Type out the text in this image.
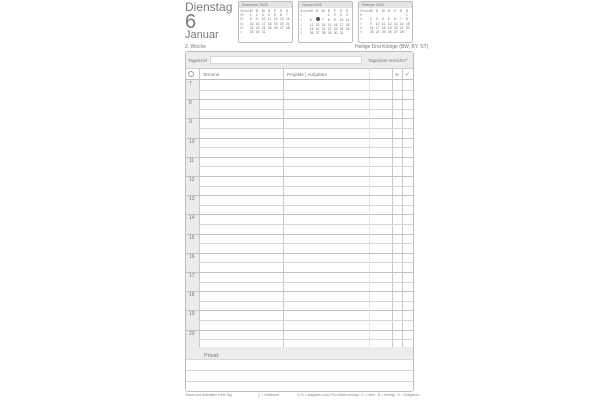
Dienstag
6
Januar
Dezember 2025
Woche	M	D	M	D	F	S	S
49	1	2	3	4	5	6	7
50	8	9	10	11	12	13	14
51	15	16	17	18	19	20	21
52	22	23	24	25	26	27	28
1	29	30	31				
Januar 2026
Woche	M	D	M	D	F	S	S
1				1	2	3	4
2	5		7	8	9	10	11
3	12	13	14	15	16	17	18
4	19	20	21	22	23	24	25
5	26	27	28	29	30	31	
Februar 2026
Woche	M	D	M	D	F	S	S
5							1
6	2	3	4	5	6	7	8
7	9	10	11	12	13	14	15
8	16	17	18	19	20	21	22
9	23	24	25	26	27	28	
2. Woche	Heilige Drei Könige (BW, BY, ST)
Tagesziel	Tagesziel erreicht?
✓
Termine	Projekte | Aufgaben	% ✓
7
8
9
10
11
12
13
14
15
16
17
18
19
20
Privat:
Teams und Aktivitäten Freie Tag	∑ = Zeitbedarf	1) % = Aufgaben (sub) Prio Nichts erledigt · D = offen · B = erledigt · D = Delegieren
